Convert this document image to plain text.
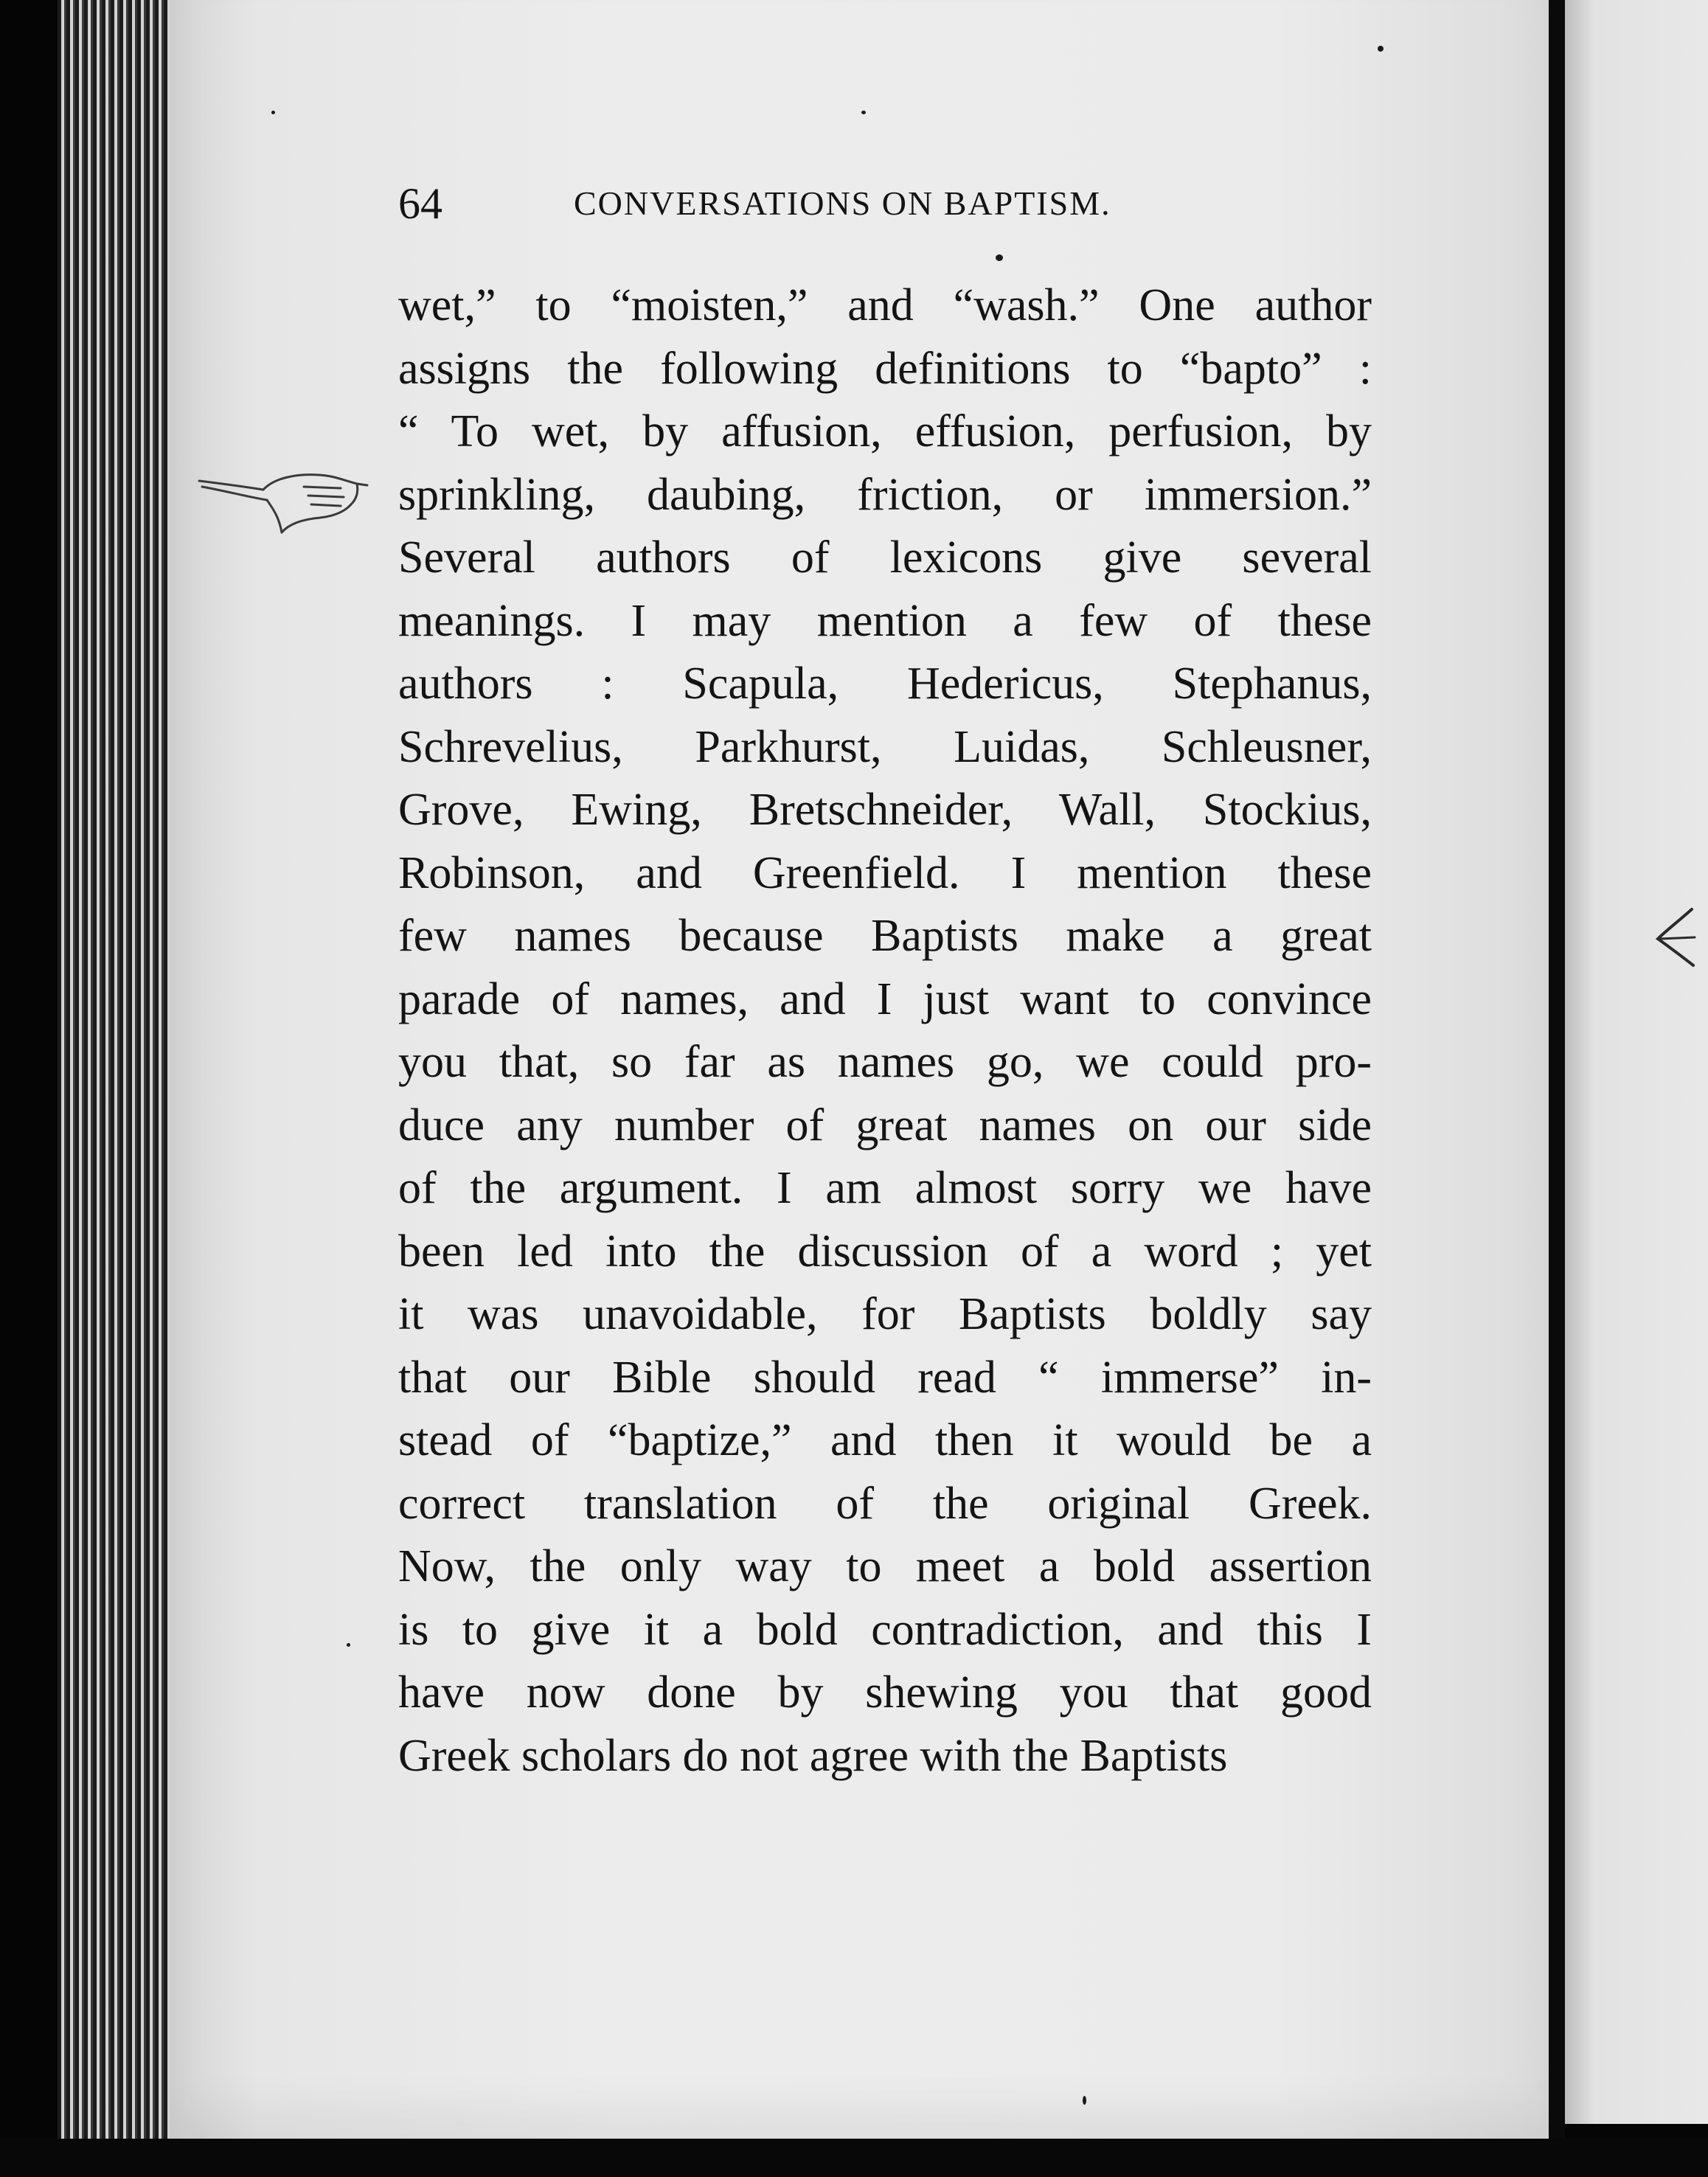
64	CONVERSATIONS ON BAPTISM.
wet,” to “moisten,” and “wash.” One author
assigns the following definitions to “bapto” :
“ To wet, by affusion, effusion, perfusion, by
sprinkling, daubing, friction, or immersion.”
Several authors of lexicons give several
meanings. I may mention a few of these
authors : Scapula, Hedericus, Stephanus,
Schrevelius, Parkhurst, Luidas, Schleusner,
Grove, Ewing, Bretschneider, Wall, Stockius,
Robinson, and Greenfield. I mention these
few names because Baptists make a great
parade of names, and I just want to convince
you that, so far as names go, we could pro-
duce any number of great names on our side
of the argument. I am almost sorry we have
been led into the discussion of a word ; yet
it was unavoidable, for Baptists boldly say
that our Bible should read “ immerse” in-
stead of “baptize,” and then it would be a
correct translation of the original Greek.
Now, the only way to meet a bold assertion
is to give it a bold contradiction, and this I
have now done by shewing you that good
Greek scholars do not agree with the Baptists
